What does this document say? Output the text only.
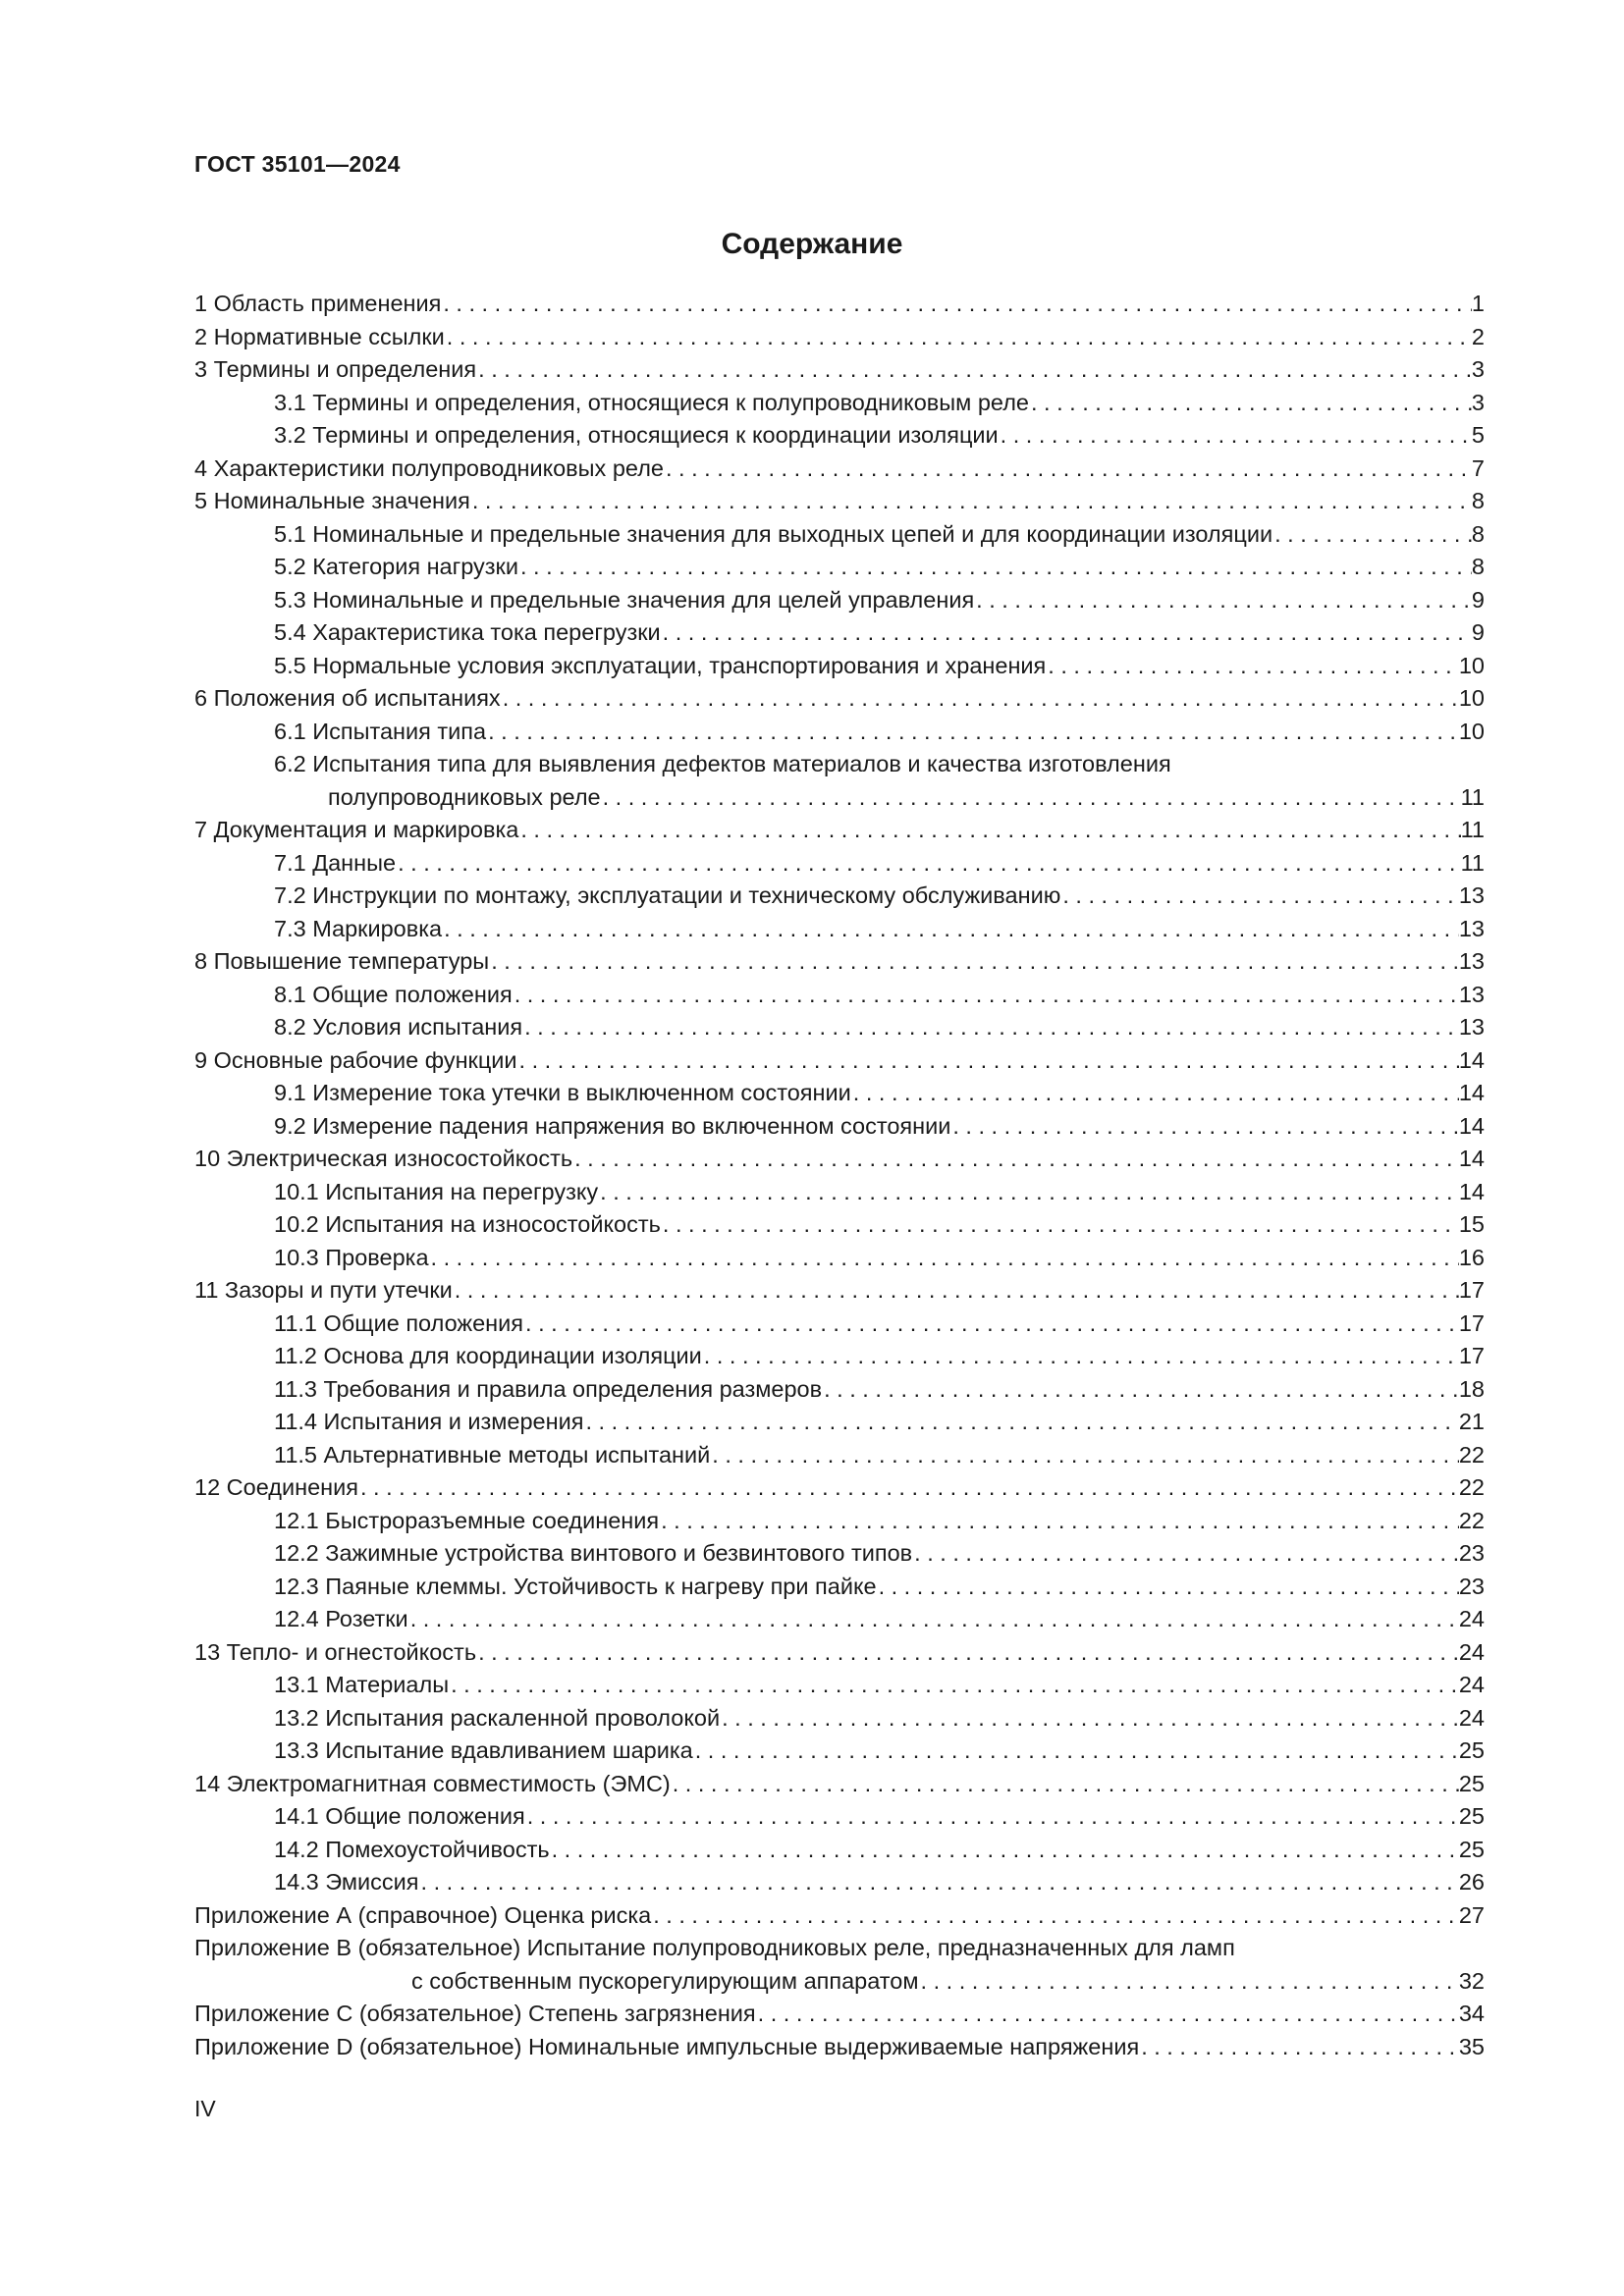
ГОСТ 35101—2024
Содержание
1 Область применения . . .	1
2 Нормативные ссылки . . .	2
3 Термины и определения . . .	3
3.1 Термины и определения, относящиеся к полупроводниковым реле . . .	3
3.2 Термины и определения, относящиеся к координации изоляции . . .	5
4 Характеристики полупроводниковых реле . . .	7
5 Номинальные значения . . .	8
5.1 Номинальные и предельные значения для выходных цепей и для координации изоляции . . .	8
5.2 Категория нагрузки . . .	8
5.3 Номинальные и предельные значения для целей управления . . .	9
5.4 Характеристика тока перегрузки . . .	9
5.5 Нормальные условия эксплуатации, транспортирования и хранения . . .	10
6 Положения об испытаниях . . .	10
6.1 Испытания типа . . .	10
6.2 Испытания типа для выявления дефектов материалов и качества изготовления
полупроводниковых реле . . .	11
7 Документация и маркировка . . .	11
7.1 Данные . . .	11
7.2 Инструкции по монтажу, эксплуатации и техническому обслуживанию . . .	13
7.3 Маркировка . . .	13
8 Повышение температуры . . .	13
8.1 Общие положения . . .	13
8.2 Условия испытания . . .	13
9 Основные рабочие функции . . .	14
9.1 Измерение тока утечки в выключенном состоянии . . .	14
9.2 Измерение падения напряжения во включенном состоянии . . .	14
10 Электрическая износостойкость . . .	14
10.1 Испытания на перегрузку . . .	14
10.2 Испытания на износостойкость . . .	15
10.3 Проверка . . .	16
11 Зазоры и пути утечки . . .	17
11.1 Общие положения . . .	17
11.2 Основа для координации изоляции . . .	17
11.3 Требования и правила определения размеров . . .	18
11.4 Испытания и измерения . . .	21
11.5 Альтернативные методы испытаний . . .	22
12 Соединения . . .	22
12.1 Быстроразъемные соединения . . .	22
12.2 Зажимные устройства винтового и безвинтового типов . . .	23
12.3 Паяные клеммы. Устойчивость к нагреву при пайке . . .	23
12.4 Розетки . . .	24
13 Тепло- и огнестойкость . . .	24
13.1 Материалы . . .	24
13.2 Испытания раскаленной проволокой . . .	24
13.3 Испытание вдавливанием шарика . . .	25
14 Электромагнитная совместимость (ЭМС) . . .	25
14.1 Общие положения . . .	25
14.2 Помехоустойчивость . . .	25
14.3 Эмиссия . . .	26
Приложение А (справочное) Оценка риска . . .	27
Приложение В (обязательное) Испытание полупроводниковых реле, предназначенных для ламп
с собственным пускорегулирующим аппаратом . . .	32
Приложение С (обязательное) Степень загрязнения . . .	34
Приложение D (обязательное) Номинальные импульсные выдерживаемые напряжения . . .	35
IV
